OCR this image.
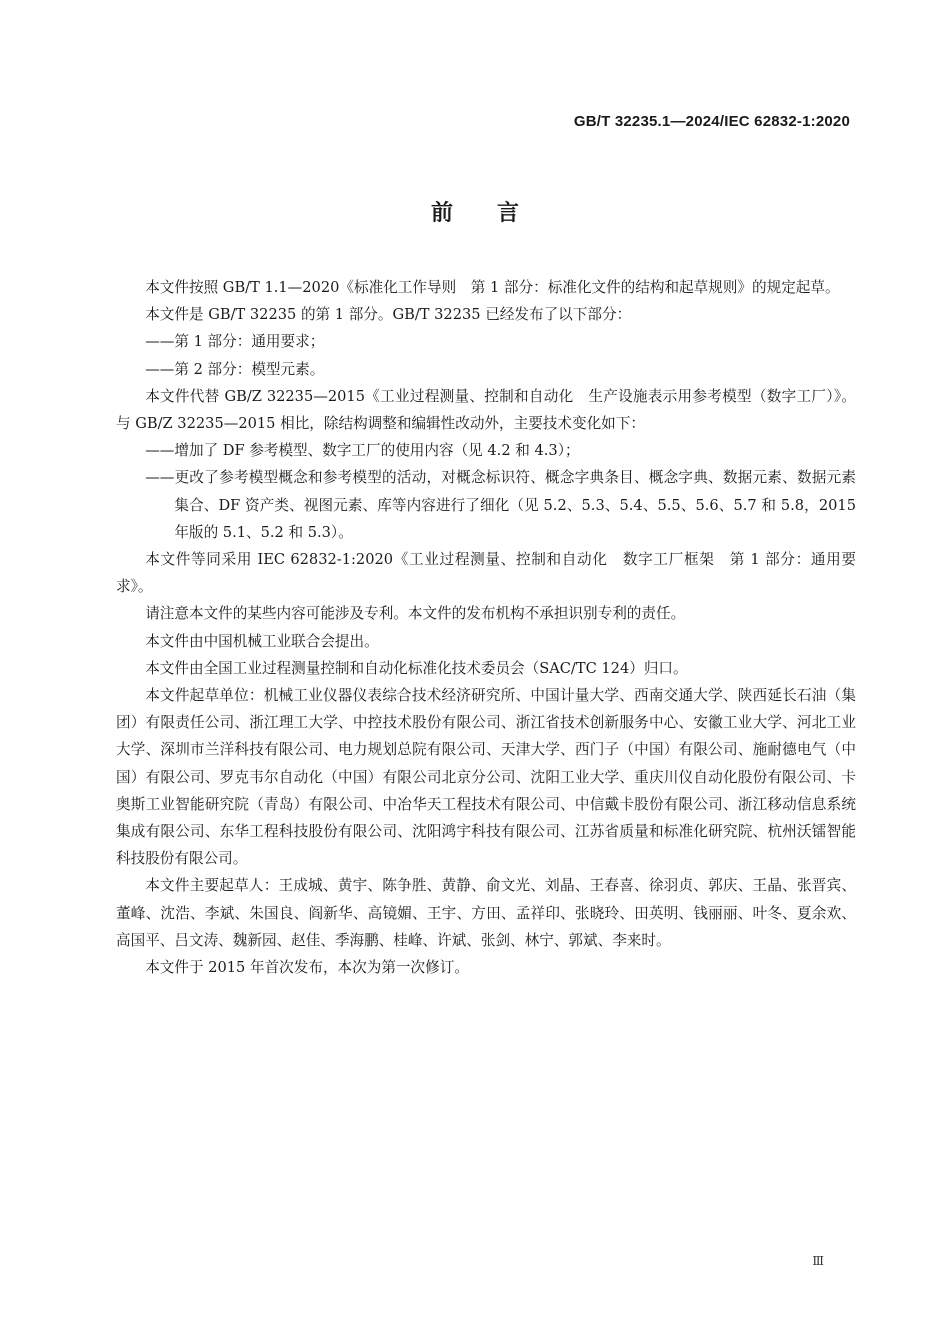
GB/T 32235.1—2024/IEC 62832-1:2020
前言

本文件按照 GB/T 1.1—2020《标准化工作导则　第 1 部分：标准化文件的结构和起草规则》的规定起草。

本文件是 GB/T 32235 的第 1 部分。GB/T 32235 已经发布了以下部分：

——第 1 部分：通用要求；

——第 2 部分：模型元素。

本文件代替 GB/Z 32235—2015《工业过程测量、控制和自动化　生产设施表示用参考模型（数字工厂）》。与 GB/Z 32235—2015 相比，除结构调整和编辑性改动外，主要技术变化如下：

——增加了 DF 参考模型、数字工厂的使用内容（见 4.2 和 4.3）；

——更改了参考模型概念和参考模型的活动，对概念标识符、概念字典条目、概念字典、数据元素、数据元素集合、DF 资产类、视图元素、库等内容进行了细化（见 5.2、5.3、5.4、5.5、5.6、5.7 和 5.8，2015 年版的 5.1、5.2 和 5.3）。

本文件等同采用 IEC 62832-1:2020《工业过程测量、控制和自动化　数字工厂框架　第 1 部分：通用要求》。

请注意本文件的某些内容可能涉及专利。本文件的发布机构不承担识别专利的责任。

本文件由中国机械工业联合会提出。

本文件由全国工业过程测量控制和自动化标准化技术委员会（SAC/TC 124）归口。

本文件起草单位：机械工业仪器仪表综合技术经济研究所、中国计量大学、西南交通大学、陕西延长石油（集团）有限责任公司、浙江理工大学、中控技术股份有限公司、浙江省技术创新服务中心、安徽工业大学、河北工业大学、深圳市兰洋科技有限公司、电力规划总院有限公司、天津大学、西门子（中国）有限公司、施耐德电气（中国）有限公司、罗克韦尔自动化（中国）有限公司北京分公司、沈阳工业大学、重庆川仪自动化股份有限公司、卡奥斯工业智能研究院（青岛）有限公司、中冶华天工程技术有限公司、中信戴卡股份有限公司、浙江移动信息系统集成有限公司、东华工程科技股份有限公司、沈阳鸿宇科技有限公司、江苏省质量和标准化研究院、杭州沃镭智能科技股份有限公司。

本文件主要起草人：王成城、黄宇、陈争胜、黄静、俞文光、刘晶、王春喜、徐羽贞、郭庆、王晶、张晋宾、董峰、沈浩、李斌、朱国良、阎新华、高镜媚、王宇、方田、孟祥印、张晓玲、田英明、钱丽丽、叶冬、夏余欢、高国平、吕文涛、魏新园、赵佳、季海鹏、桂峰、许斌、张剑、林宁、郭斌、李来时。

本文件于 2015 年首次发布，本次为第一次修订。

Ⅲ
